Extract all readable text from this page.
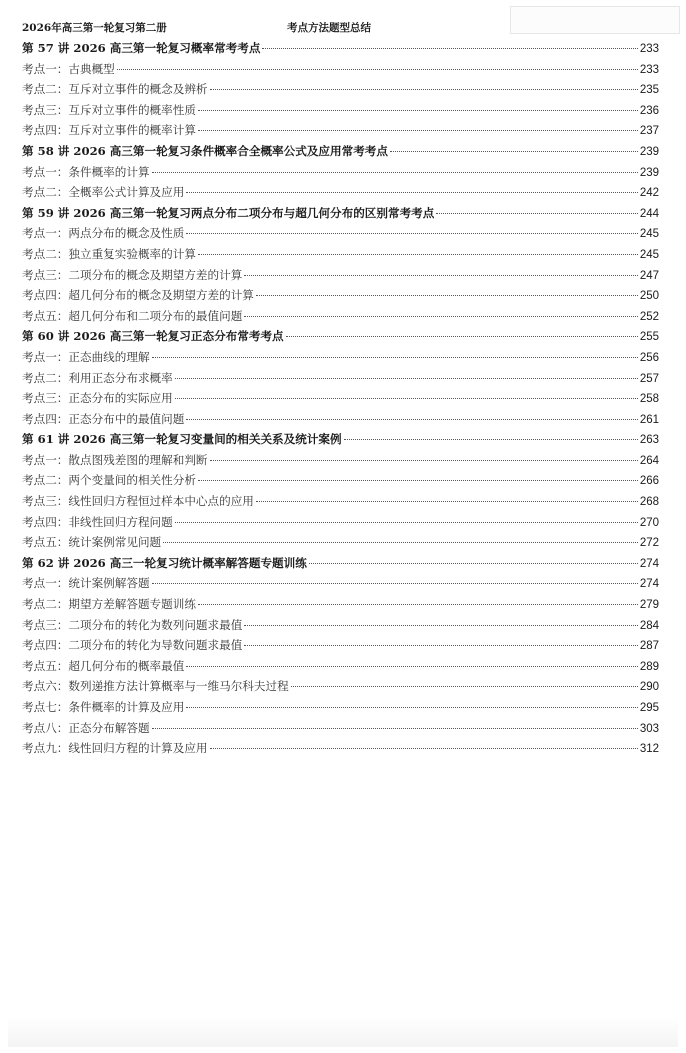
2026年高三第一轮复习第二册	考点方法题型总结
第 57 讲 2026 高三第一轮复习概率常考考点	233
考点一：古典概型	233
考点二：互斥对立事件的概念及辨析	235
考点三：互斥对立事件的概率性质	236
考点四：互斥对立事件的概率计算	237
第 58 讲 2026 高三第一轮复习条件概率合全概率公式及应用常考考点	239
考点一：条件概率的计算	239
考点二：全概率公式计算及应用	242
第 59 讲 2026 高三第一轮复习两点分布二项分布与超几何分布的区别常考考点	244
考点一：两点分布的概念及性质	245
考点二：独立重复实验概率的计算	245
考点三：二项分布的概念及期望方差的计算	247
考点四：超几何分布的概念及期望方差的计算	250
考点五：超几何分布和二项分布的最值问题	252
第 60 讲 2026 高三第一轮复习正态分布常考考点	255
考点一：正态曲线的理解	256
考点二：利用正态分布求概率	257
考点三：正态分布的实际应用	258
考点四：正态分布中的最值问题	261
第 61 讲 2026 高三第一轮复习变量间的相关关系及统计案例	263
考点一：散点图残差图的理解和判断	264
考点二：两个变量间的相关性分析	266
考点三：线性回归方程恒过样本中心点的应用	268
考点四：非线性回归方程问题	270
考点五：统计案例常见问题	272
第 62 讲 2026 高三一轮复习统计概率解答题专题训练	274
考点一：统计案例解答题	274
考点二：期望方差解答题专题训练	279
考点三：二项分布的转化为数列问题求最值	284
考点四：二项分布的转化为导数问题求最值	287
考点五：超几何分布的概率最值	289
考点六：数列递推方法计算概率与一维马尔科夫过程	290
考点七：条件概率的计算及应用	295
考点八：正态分布解答题	303
考点九：线性回归方程的计算及应用	312
